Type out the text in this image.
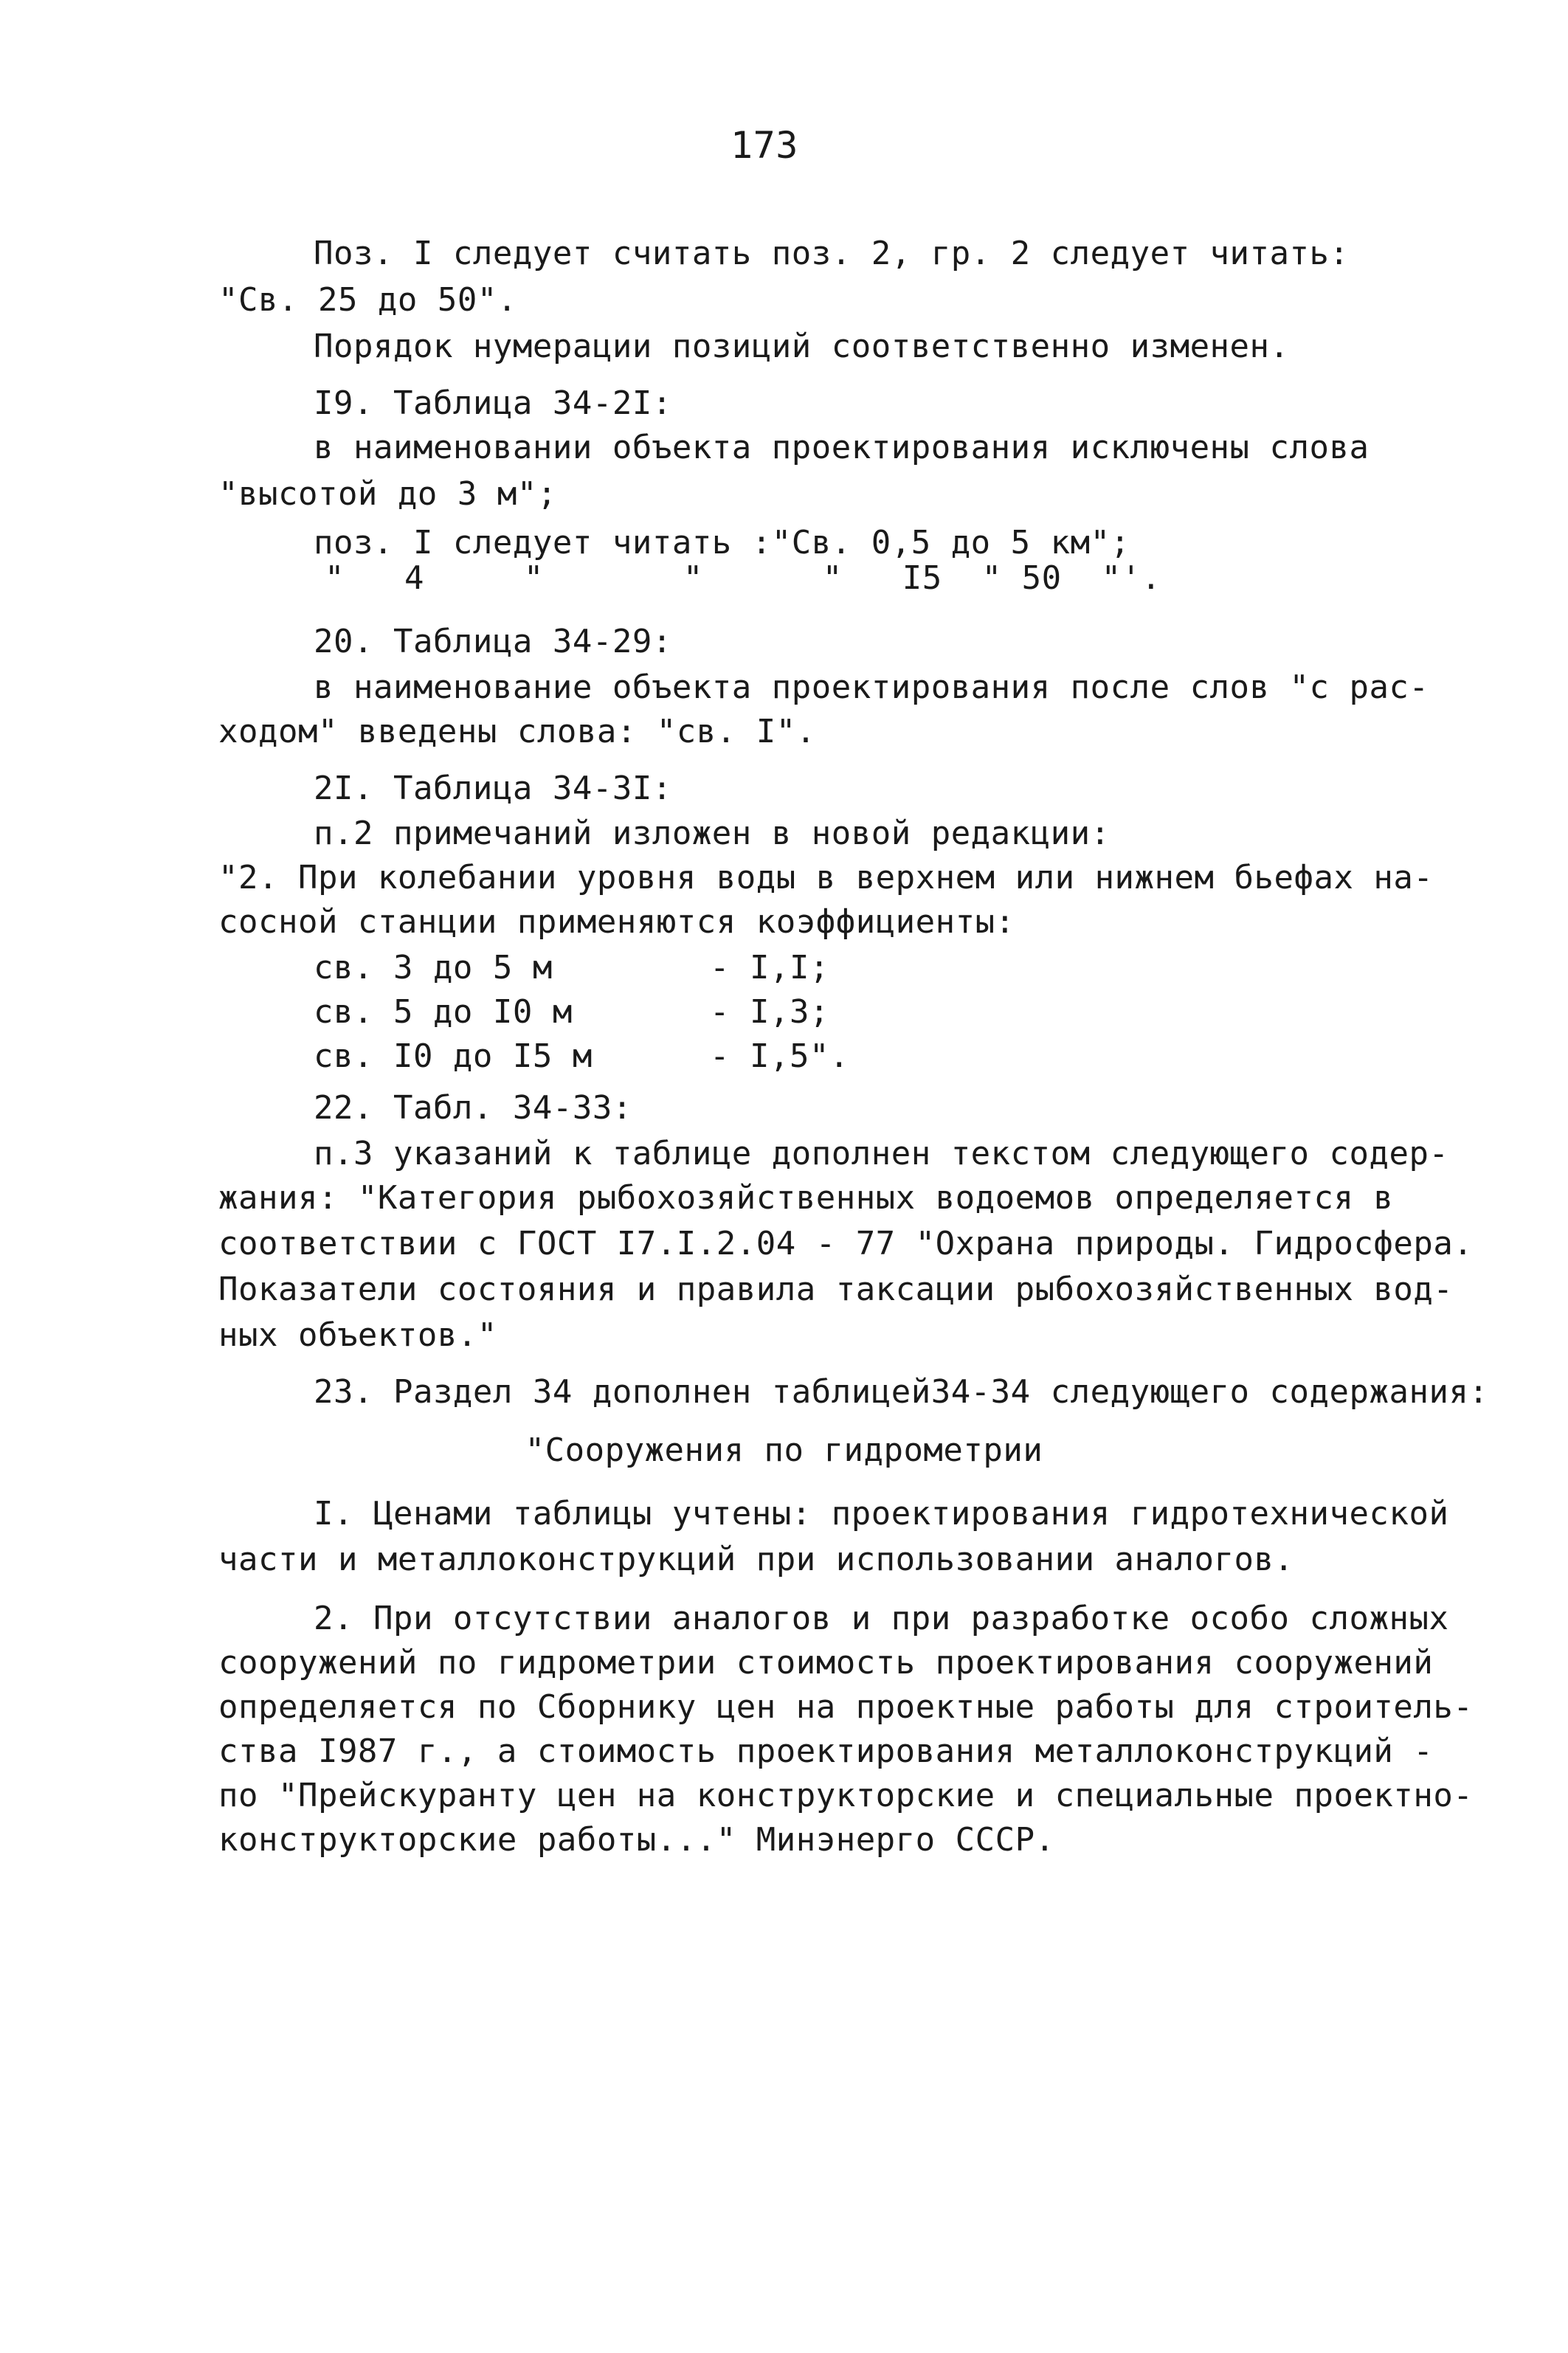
173
Поз. I следует считать поз. 2, гр. 2 следует читать:
"Св. 25 до 50".
Порядок нумерации позиций соответственно изменен.
I9. Таблица 34-2I:
в наименовании объекта проектирования исключены слова
"высотой до 3 м";
поз. I следует читать :"Св. 0,5 до 5 км";
"   4     "       "      "   I5  " 50  "'.
20. Таблица 34-29:
в наименование объекта проектирования после слов "с рас-
ходом" введены слова: "св. I".
2I. Таблица 34-3I:
п.2 примечаний изложен в новой редакции:
"2. При колебании уровня воды в верхнем или нижнем бьефах на-
сосной станции применяются коэффициенты:
св. 3 до 5 м	- I,I;
св. 5 до I0 м	- I,3;
св. I0 до I5 м	- I,5".
22. Табл. 34-33:
п.3 указаний к таблице дополнен текстом следующего содер-
жания: "Категория рыбохозяйственных водоемов определяется в
соответствии с ГОСТ I7.I.2.04 - 77 "Охрана природы. Гидросфера.
Показатели состояния и правила таксации рыбохозяйственных вод-
ных объектов."
23. Раздел 34 дополнен таблицей34-34 следующего содержания:
"Сооружения по гидрометрии
I. Ценами таблицы учтены: проектирования гидротехнической
части и металлоконструкций при использовании аналогов.
2. При отсутствии аналогов и при разработке особо сложных
сооружений по гидрометрии стоимость проектирования сооружений
определяется по Сборнику цен на проектные работы для строитель-
ства I987 г., а стоимость проектирования металлоконструкций -
по "Прейскуранту цен на конструкторские и специальные проектно-
конструкторские работы..." Минэнерго СССР.
